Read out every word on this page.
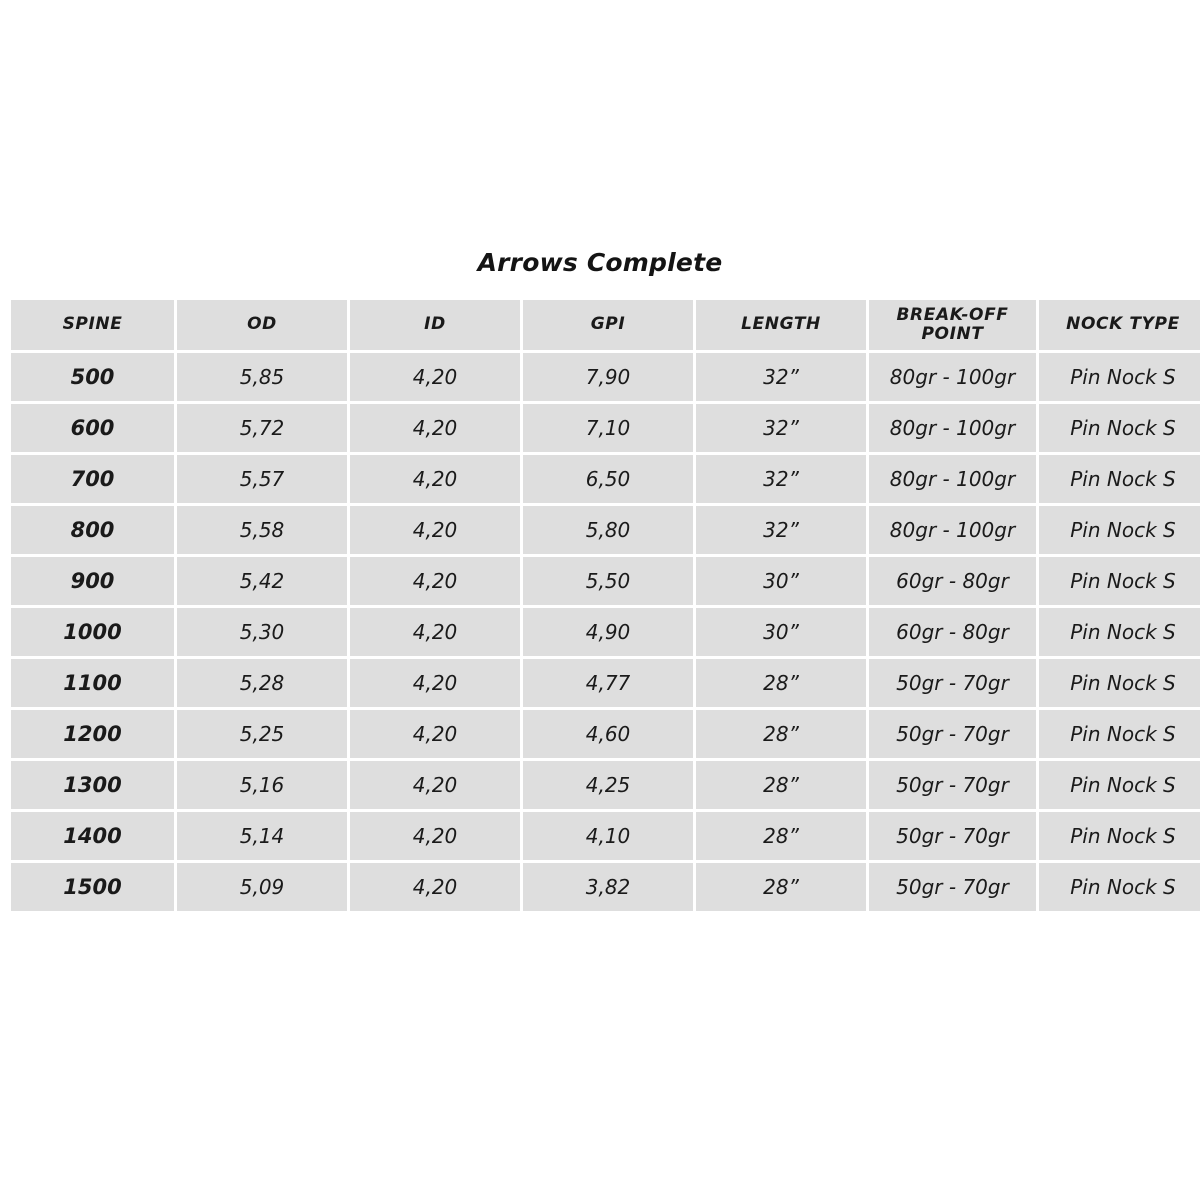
Arrows Complete
SPINE	OD	ID	GPI	LENGTH	BREAK-OFF POINT	NOCK TYPE
500	5,85	4,20	7,90	32”	80gr - 100gr	Pin Nock S
600	5,72	4,20	7,10	32”	80gr - 100gr	Pin Nock S
700	5,57	4,20	6,50	32”	80gr - 100gr	Pin Nock S
800	5,58	4,20	5,80	32”	80gr - 100gr	Pin Nock S
900	5,42	4,20	5,50	30”	60gr - 80gr	Pin Nock S
1000	5,30	4,20	4,90	30”	60gr - 80gr	Pin Nock S
1100	5,28	4,20	4,77	28”	50gr - 70gr	Pin Nock S
1200	5,25	4,20	4,60	28”	50gr - 70gr	Pin Nock S
1300	5,16	4,20	4,25	28”	50gr - 70gr	Pin Nock S
1400	5,14	4,20	4,10	28”	50gr - 70gr	Pin Nock S
1500	5,09	4,20	3,82	28”	50gr - 70gr	Pin Nock S
